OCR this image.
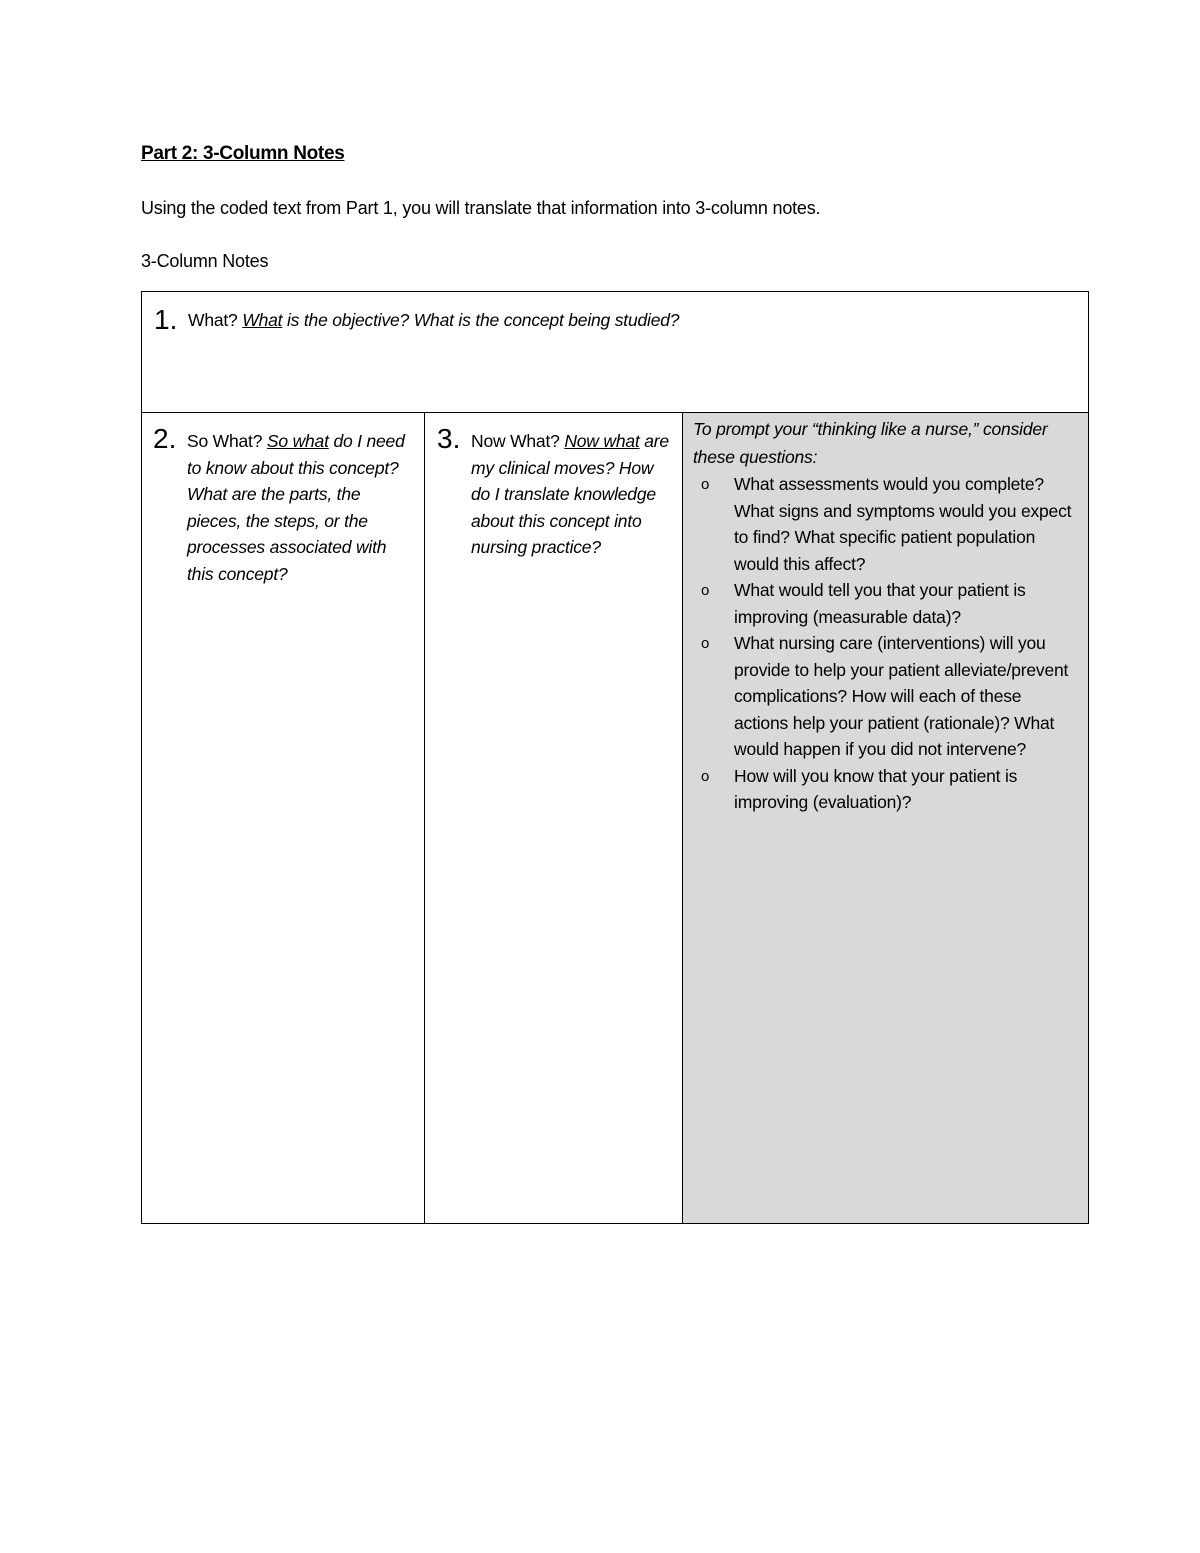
Part 2: 3-Column Notes
Using the coded text from Part 1, you will translate that information into 3-column notes.
3-Column Notes
1. What? What is the objective? What is the concept being studied?
2. So What? So what do I need to know about this concept? What are the parts, the pieces, the steps, or the processes associated with this concept?
3. Now What? Now what are my clinical moves? How do I translate knowledge about this concept into nursing practice?
To prompt your “thinking like a nurse,” consider these questions:
o What assessments would you complete? What signs and symptoms would you expect to find? What specific patient population would this affect?
o What would tell you that your patient is improving (measurable data)?
o What nursing care (interventions) will you provide to help your patient alleviate/prevent complications? How will each of these actions help your patient (rationale)? What would happen if you did not intervene?
o How will you know that your patient is improving (evaluation)?
